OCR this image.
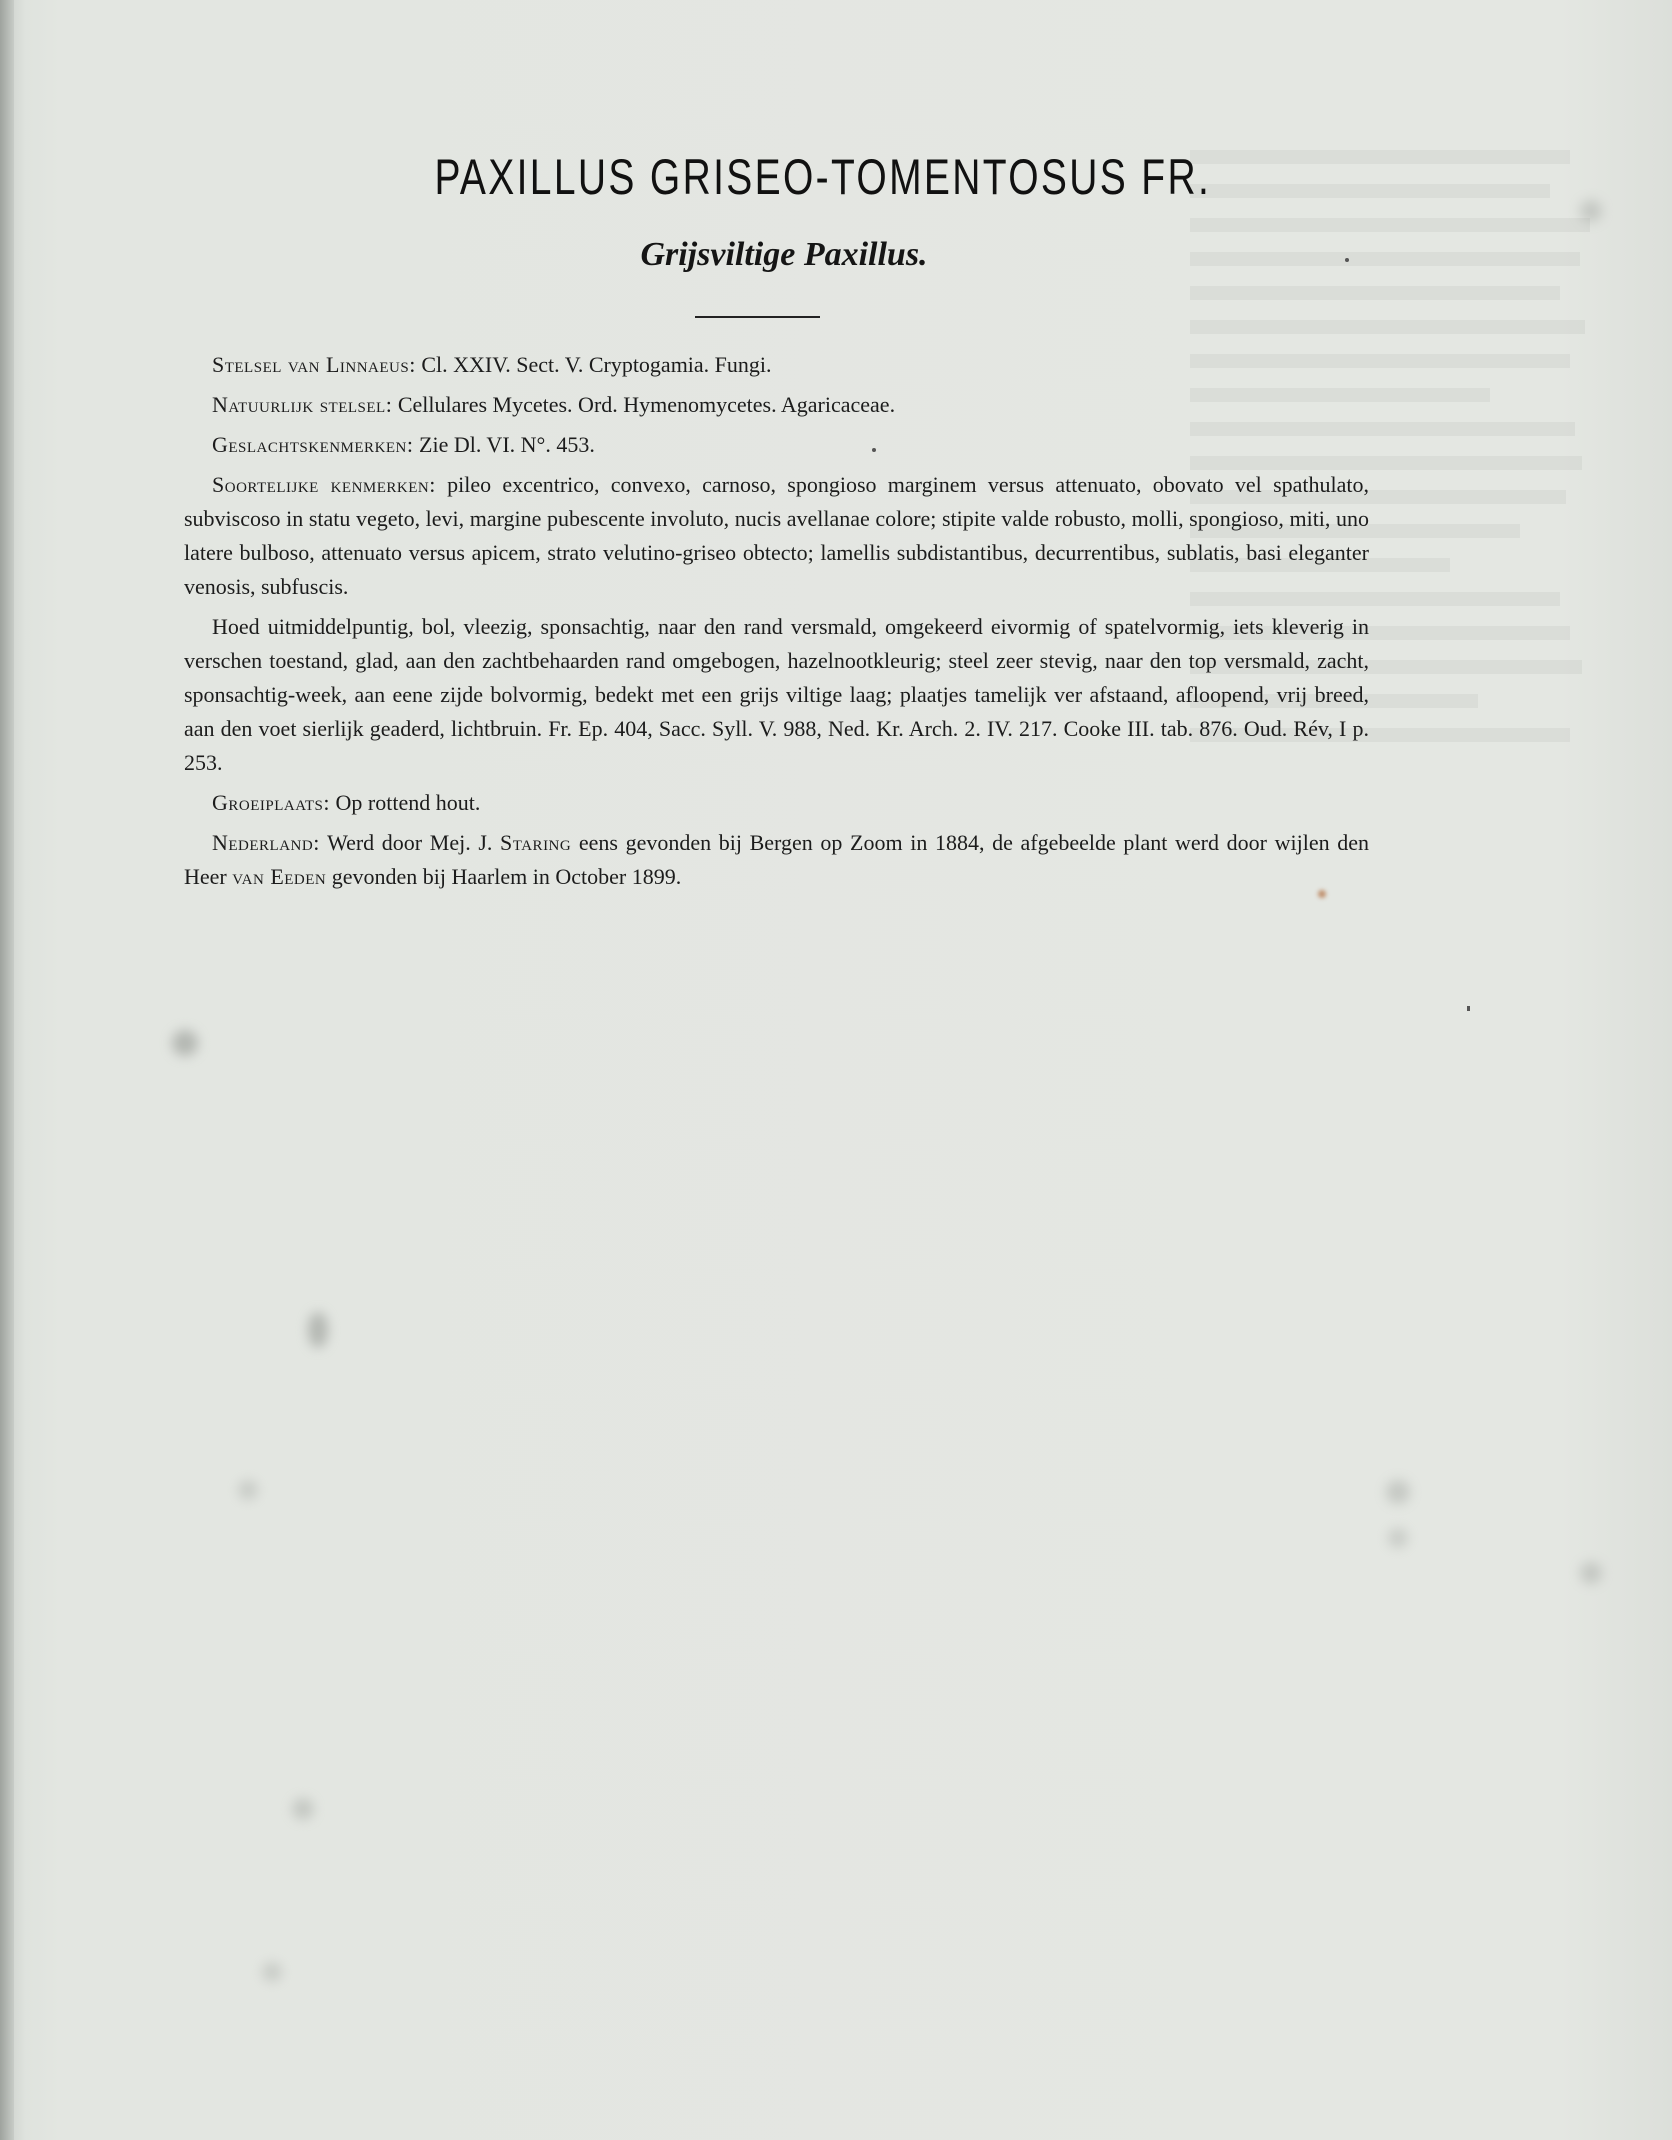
PAXILLUS GRISEO-TOMENTOSUS FR.
Grijsviltige Paxillus.

Stelsel van Linnaeus: Cl. XXIV. Sect. V. Cryptogamia. Fungi.

Natuurlijk stelsel: Cellulares Mycetes. Ord. Hymenomycetes. Agaricaceae.

Geslachtskenmerken: Zie Dl. VI. N°. 453.

Soortelijke kenmerken: pileo excentrico, convexo, carnoso, spongioso marginem versus attenuato, obovato vel spathulato, subviscoso in statu vegeto, levi, margine pubescente involuto, nucis avellanae colore; stipite valde robusto, molli, spongioso, miti, uno latere bulboso, attenuato versus apicem, strato velutino-griseo obtecto; lamellis subdistantibus, decurrentibus, sublatis, basi eleganter venosis, subfuscis.

Hoed uitmiddelpuntig, bol, vleezig, sponsachtig, naar den rand versmald, omgekeerd eivormig of spatelvormig, iets kleverig in verschen toestand, glad, aan den zachtbehaarden rand omgebogen, hazelnootkleurig; steel zeer stevig, naar den top versmald, zacht, sponsachtig-week, aan eene zijde bolvormig, bedekt met een grijs viltige laag; plaatjes tamelijk ver afstaand, afloopend, vrij breed, aan den voet sierlijk geaderd, lichtbruin. Fr. Ep. 404, Sacc. Syll. V. 988, Ned. Kr. Arch. 2. IV. 217. Cooke III. tab. 876. Oud. Rév, I p. 253.

Groeiplaats: Op rottend hout.

Nederland: Werd door Mej. J. Staring eens gevonden bij Bergen op Zoom in 1884, de afgebeelde plant werd door wijlen den Heer van Eeden gevonden bij Haarlem in October 1899.
